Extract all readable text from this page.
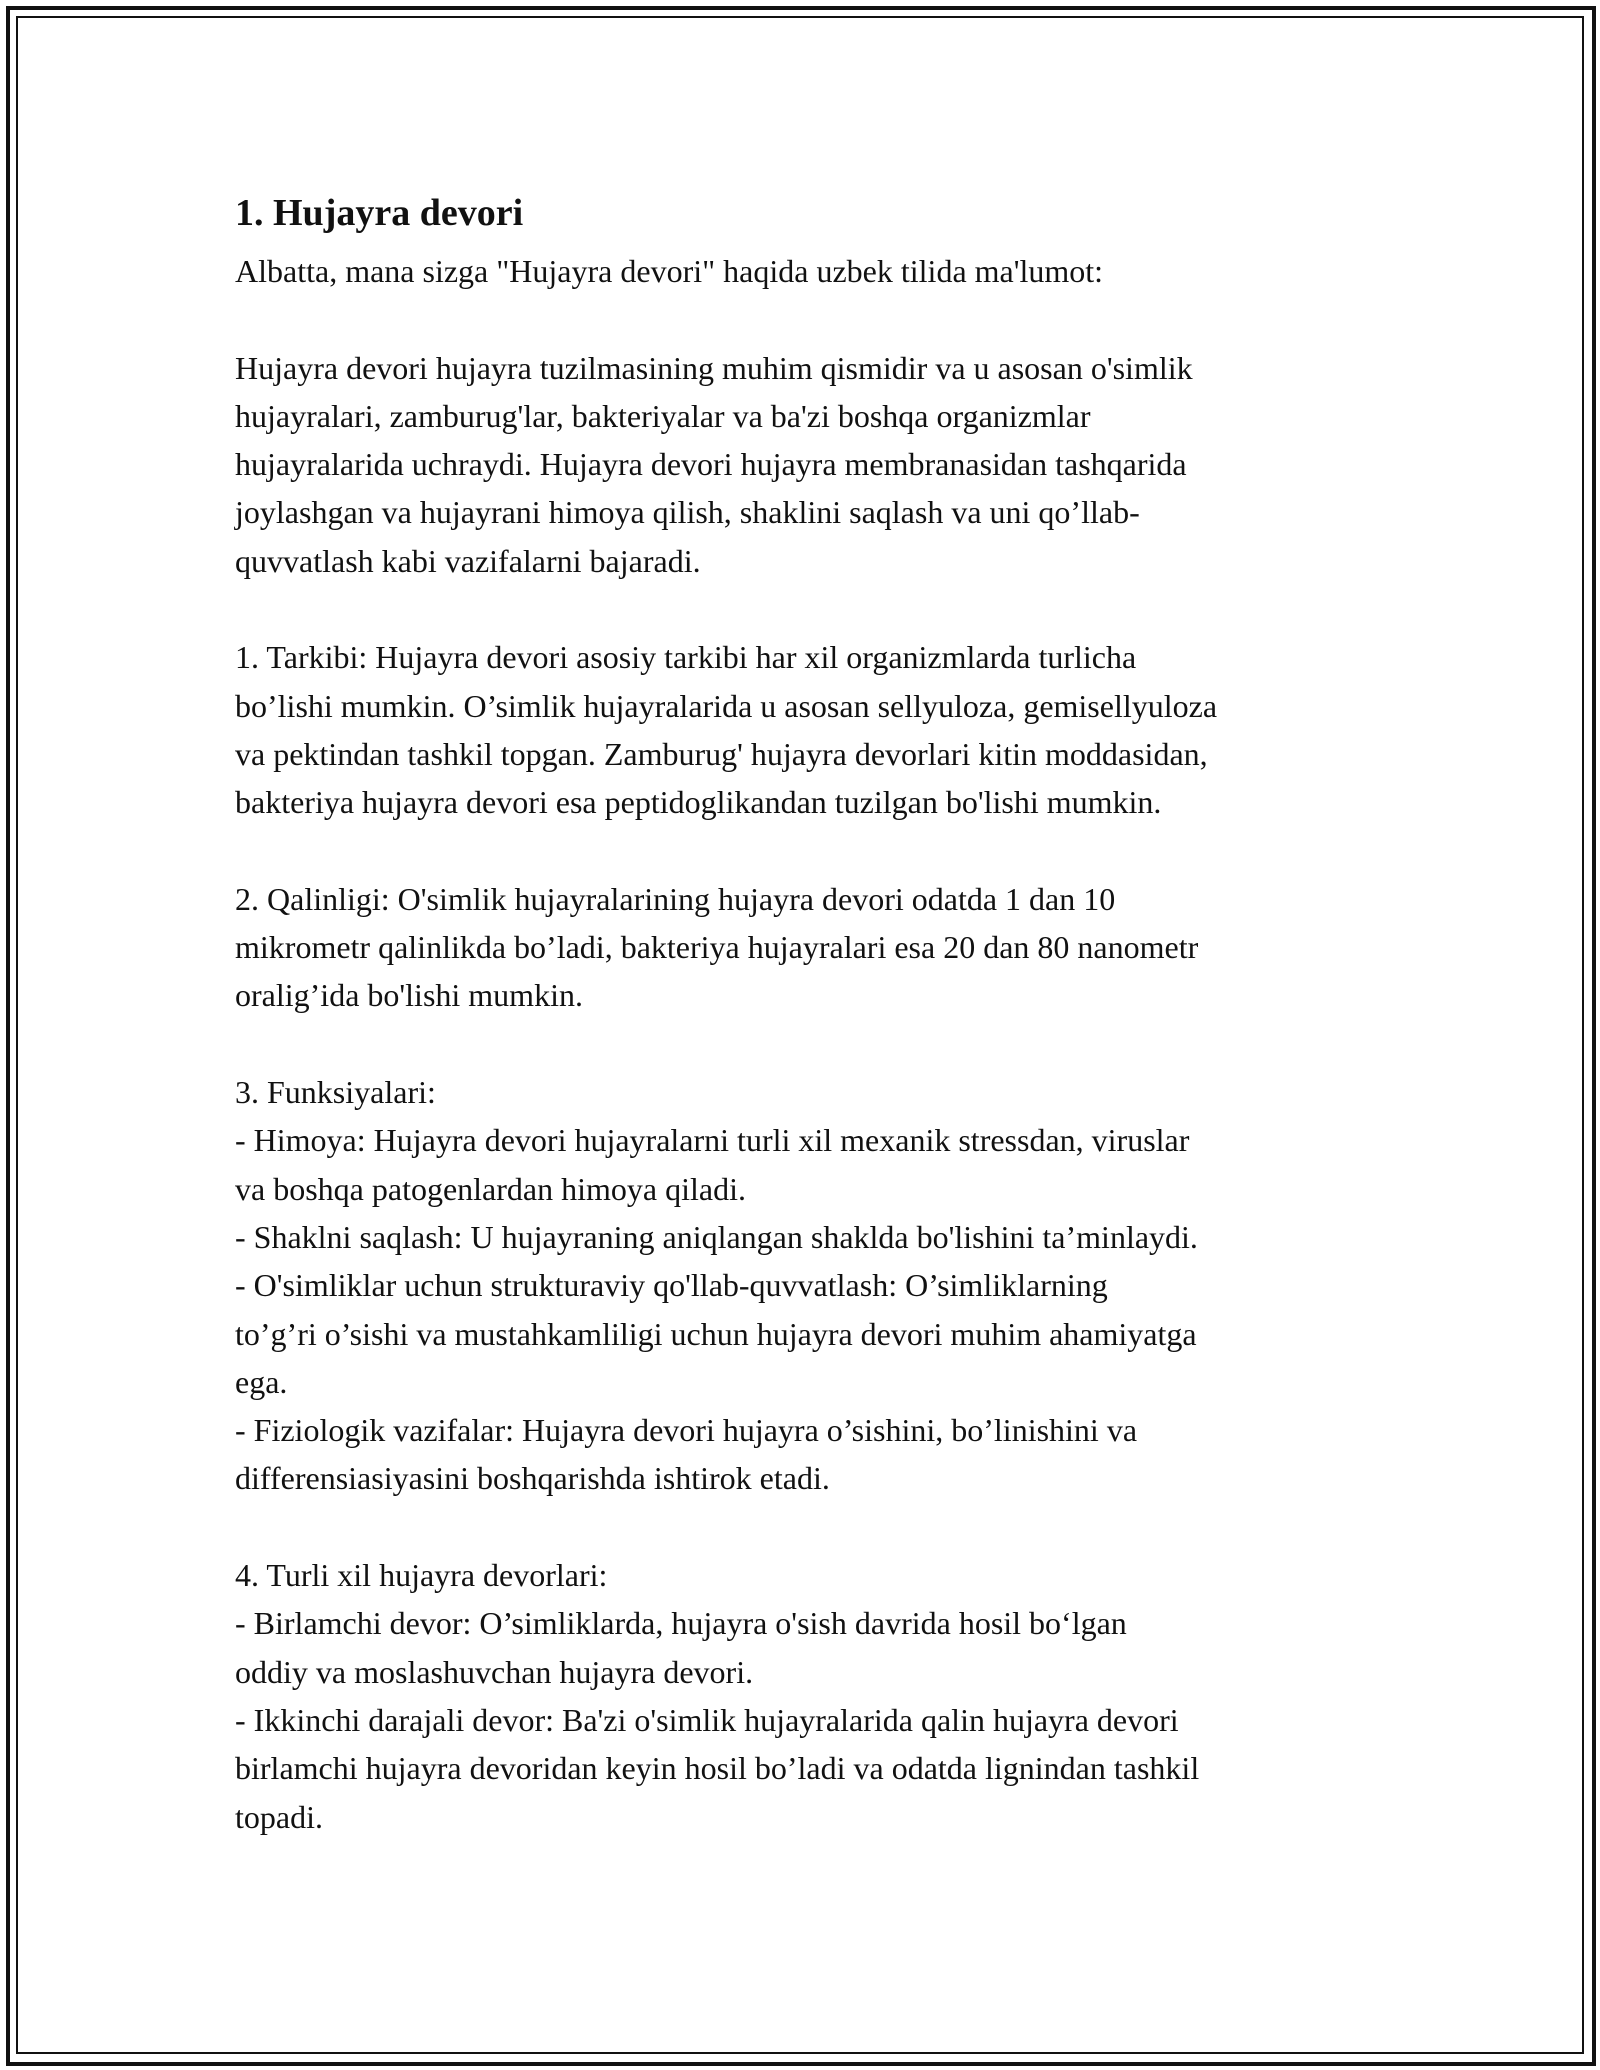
1. Hujayra devori
Albatta, mana sizga "Hujayra devori" haqida uzbek tilida ma'lumot:

Hujayra devori hujayra tuzilmasining muhim qismidir va u asosan o'simlik
hujayralari, zamburug'lar, bakteriyalar va ba'zi boshqa organizmlar
hujayralarida uchraydi. Hujayra devori hujayra membranasidan tashqarida
joylashgan va hujayrani himoya qilish, shaklini saqlash va uni qo’llab-
quvvatlash kabi vazifalarni bajaradi.

1. Tarkibi: Hujayra devori asosiy tarkibi har xil organizmlarda turlicha
bo’lishi mumkin. O’simlik hujayralarida u asosan sellyuloza, gemisellyuloza
va pektindan tashkil topgan. Zamburug' hujayra devorlari kitin moddasidan,
bakteriya hujayra devori esa peptidoglikandan tuzilgan bo'lishi mumkin.

2. Qalinligi: O'simlik hujayralarining hujayra devori odatda 1 dan 10
mikrometr qalinlikda bo’ladi, bakteriya hujayralari esa 20 dan 80 nanometr
oralig’ida bo'lishi mumkin.

3. Funksiyalari:
- Himoya: Hujayra devori hujayralarni turli xil mexanik stressdan, viruslar
va boshqa patogenlardan himoya qiladi.
- Shaklni saqlash: U hujayraning aniqlangan shaklda bo'lishini ta’minlaydi.
- O'simliklar uchun strukturaviy qo'llab-quvvatlash: O’simliklarning
to’g’ri o’sishi va mustahkamliligi uchun hujayra devori muhim ahamiyatga
ega.
- Fiziologik vazifalar: Hujayra devori hujayra o’sishini, bo’linishini va
differensiasiyasini boshqarishda ishtirok etadi.

4. Turli xil hujayra devorlari:
- Birlamchi devor: O’simliklarda, hujayra o'sish davrida hosil bo‘lgan
oddiy va moslashuvchan hujayra devori.
- Ikkinchi darajali devor: Ba'zi o'simlik hujayralarida qalin hujayra devori
birlamchi hujayra devoridan keyin hosil bo’ladi va odatda lignindan tashkil
topadi.
